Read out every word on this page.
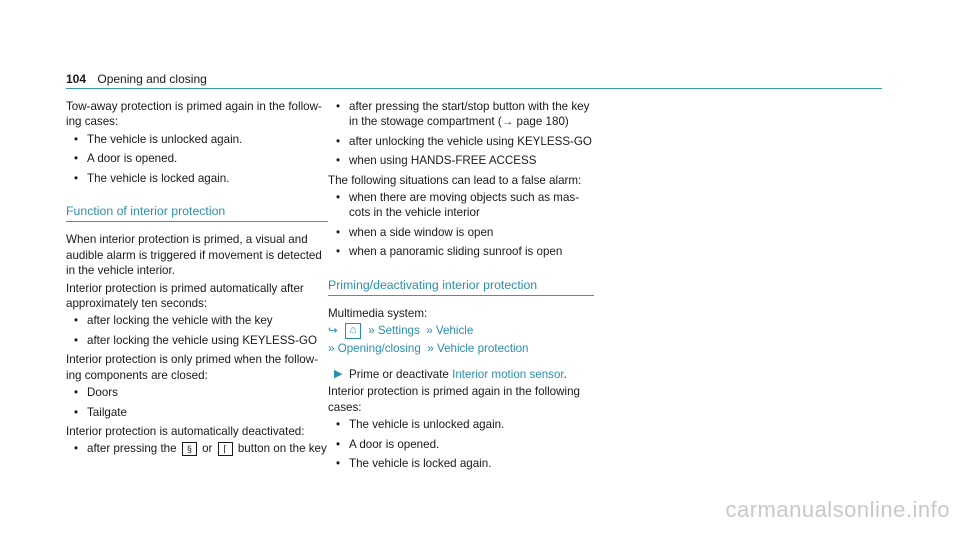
104 Opening and closing

Tow-away protection is primed again in the follow-ing cases:

• The vehicle is unlocked again.
• A door is opened.
• The vehicle is locked again.
Function of interior protection

When interior protection is primed, a visual and audible alarm is triggered if movement is detected in the vehicle interior.

Interior protection is primed automatically after approximately ten seconds:

• after locking the vehicle with the key
• after locking the vehicle using KEYLESS-GO

Interior protection is only primed when the follow-ing components are closed:

• Doors
• Tailgate

Interior protection is automatically deactivated:

• after pressing the § or ⌈ button on the key
• after pressing the start/stop button with the key in the stowage compartment (→ page 180)
• after unlocking the vehicle using KEYLESS-GO
• when using HANDS-FREE ACCESS

The following situations can lead to a false alarm:

• when there are moving objects such as mas-cots in the vehicle interior
• when a side window is open
• when a panoramic sliding sunroof is open
Priming/deactivating interior protection

Multimedia system:

↪ ⌂ » Settings » Vehicle
» Opening/closing » Vehicle protection
▶ Prime or deactivate Interior motion sensor.

Interior protection is primed again in the following cases:

• The vehicle is unlocked again.
• A door is opened.
• The vehicle is locked again.
carmanualsonline.info
